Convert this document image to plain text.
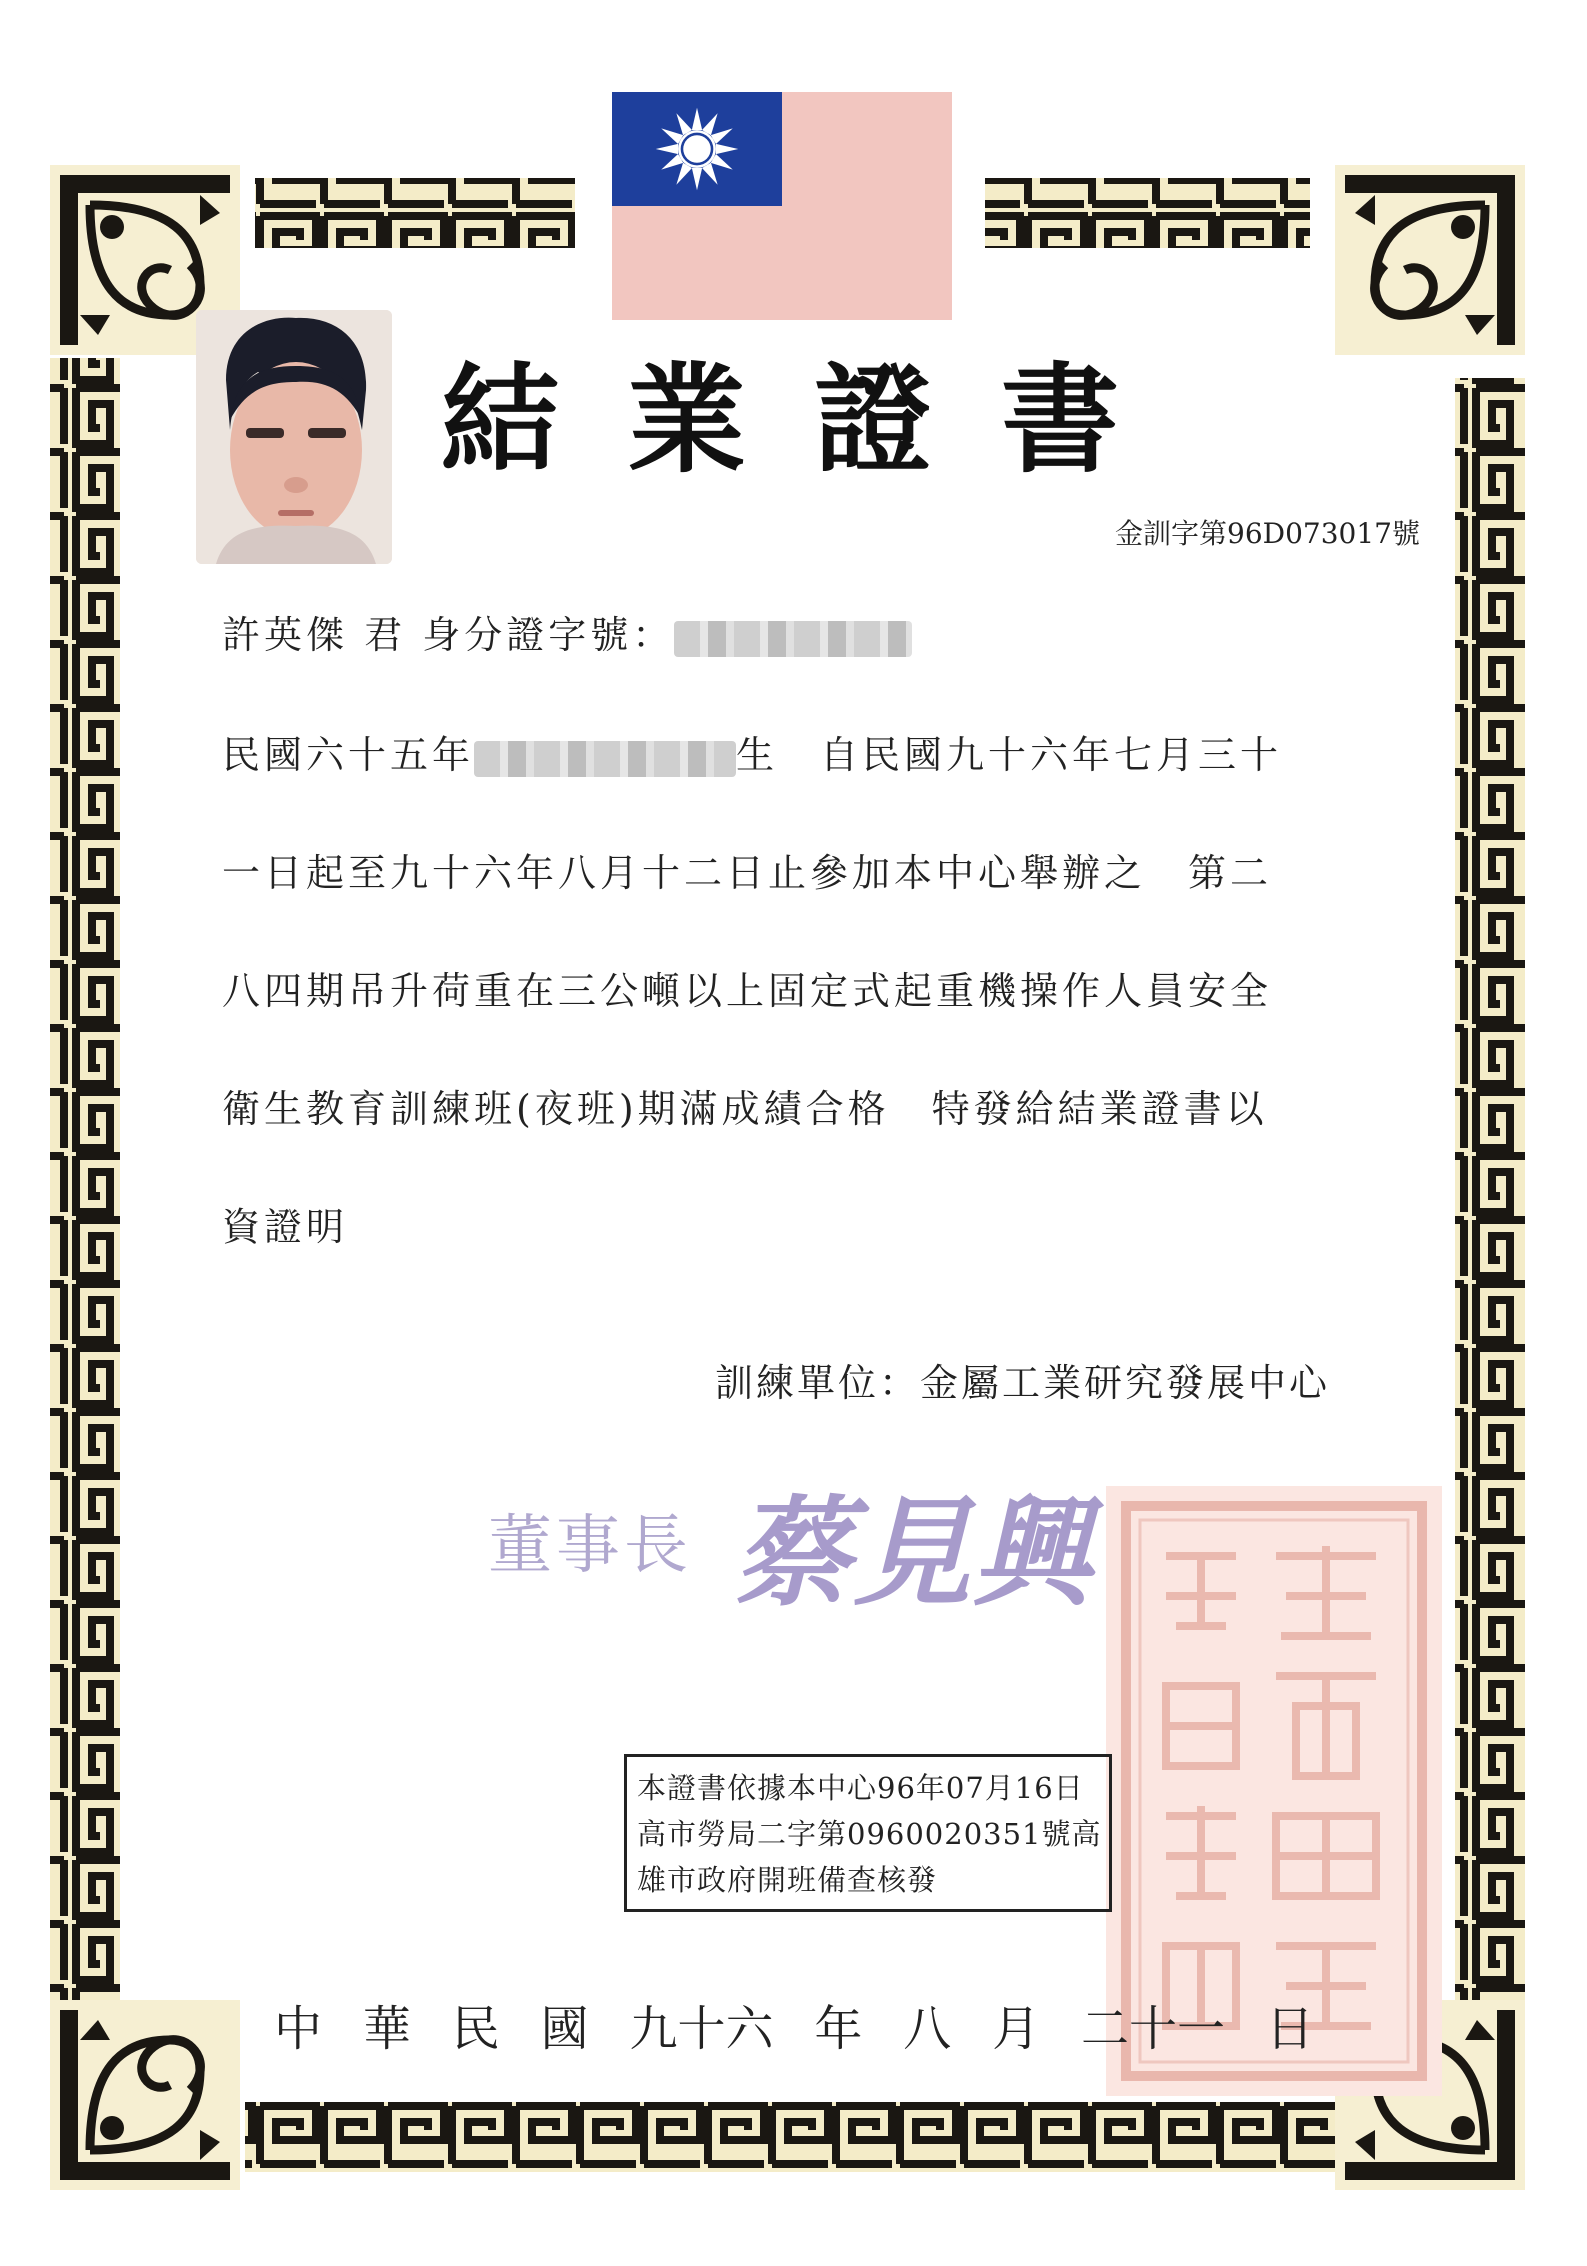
結 業 證 書
金訓字第96D073017號
許英傑 君 身分證字號：
民國六十五年	生　 自民國九十六年七月三十
一日起至九十六年八月十二日止參加本中心舉辦之　第二
八四期吊升荷重在三公噸以上固定式起重機操作人員安全
衛生教育訓練班(夜班)期滿成績合格　特發給結業證書以
資證明
訓練單位：金屬工業研究發展中心
董事長 蔡見興
本證書依據本中心96年07月16日
高市勞局二字第0960020351號高
雄市政府開班備查核發
中 華 民 國 九十六 年 八 月 二十一 日
